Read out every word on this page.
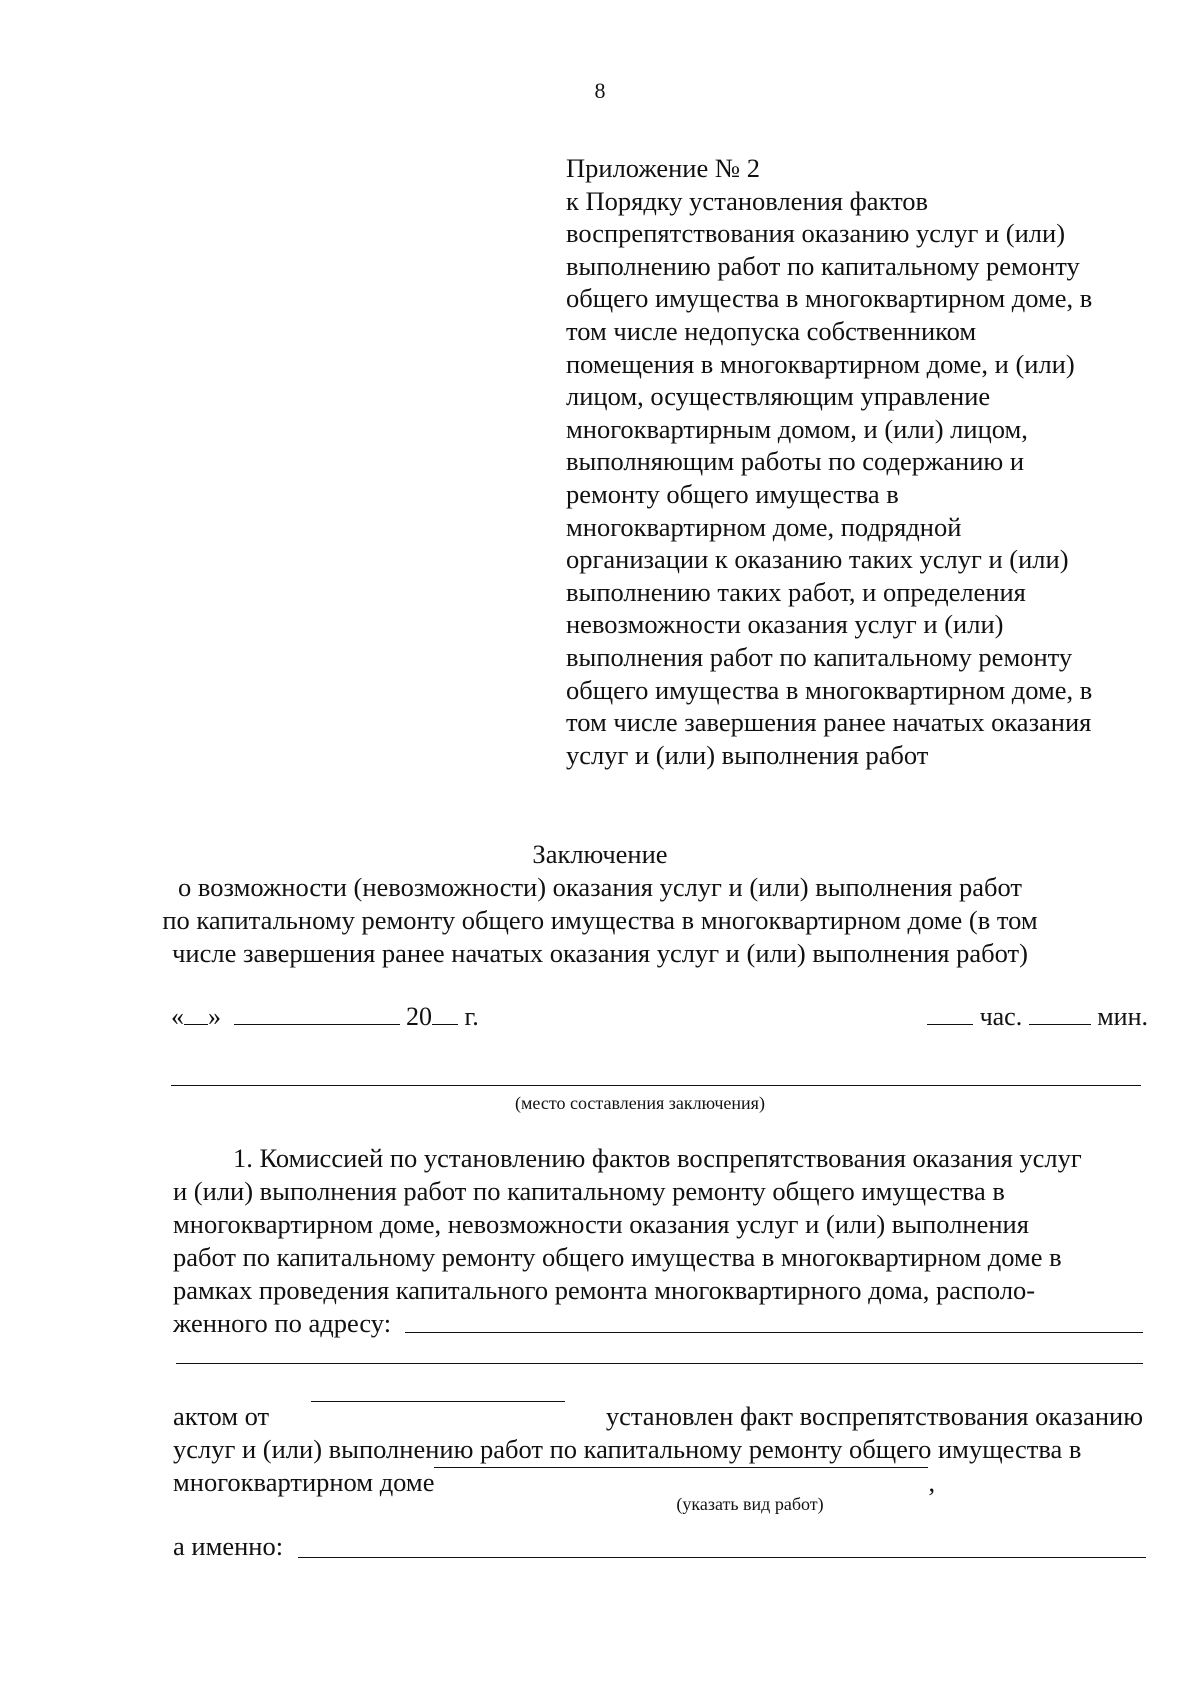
8
Приложение № 2
к Порядку установления фактов
воспрепятствования оказанию услуг и (или)
выполнению работ по капитальному ремонту
общего имущества в многоквартирном доме, в
том числе недопуска собственником
помещения в многоквартирном доме, и (или)
лицом, осуществляющим управление
многоквартирным домом, и (или) лицом,
выполняющим работы по содержанию и
ремонту общего имущества в
многоквартирном доме, подрядной
организации к оказанию таких услуг и (или)
выполнению таких работ, и определения
невозможности оказания услуг и (или)
выполнения работ по капитальному ремонту
общего имущества в многоквартирном доме, в
том числе завершения ранее начатых оказания
услуг и (или) выполнения работ
Заключение
о возможности (невозможности) оказания услуг и (или) выполнения работ
по капитальному ремонту общего имущества в многоквартирном доме (в том
числе завершения ранее начатых оказания услуг и (или) выполнения работ)
« »	20 г.	час.	мин.
(место составления заключения)
1. Комиссией по установлению фактов воспрепятствования оказания услуг
и (или) выполнения работ по капитальному ремонту общего имущества в
многоквартирном доме, невозможности оказания услуг и (или) выполнения
работ по капитальному ремонту общего имущества в многоквартирном доме в
рамках проведения капитального ремонта многоквартирного дома, располо-
женного по адресу:
актом от	установлен факт воспрепятствования оказанию
услуг и (или) выполнению работ по капитальному ремонту общего имущества в
многоквартирном доме	,
(указать вид работ)
а именно:
